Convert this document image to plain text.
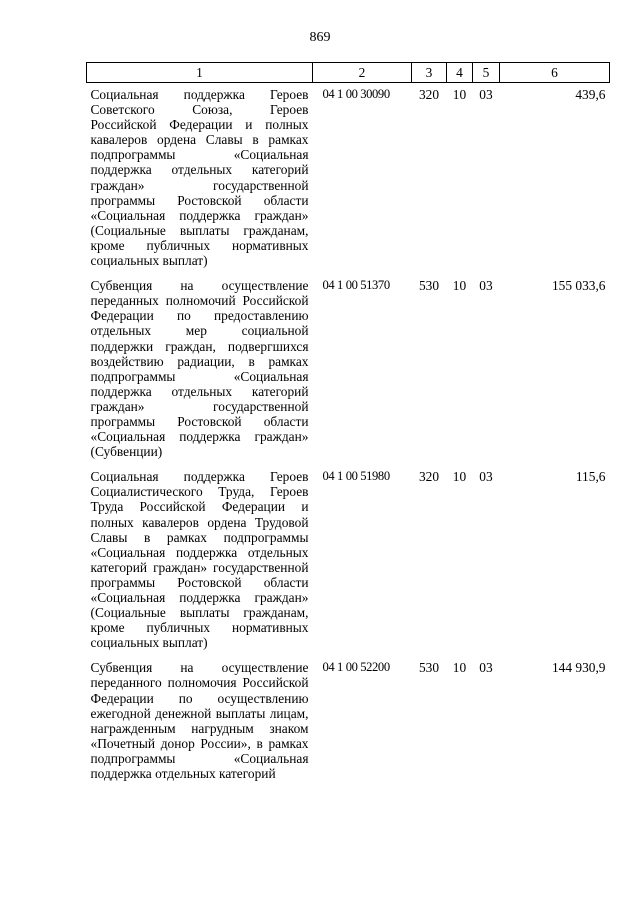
869
1	2	3	4	5	6
Социальная поддержка Героев Советского Союза, Героев Российской Федерации и полных кавалеров ордена Славы в рамках подпрограммы «Социальная поддержка отдельных категорий граждан» государственной программы Ростовской области «Социальная поддержка граждан» (Социальные выплаты гражданам, кроме публичных нормативных социальных выплат)	04 1 00 30090	320	10	03	439,6
Субвенция на осуществление переданных полномочий Российской Федерации по предоставлению отдельных мер социальной поддержки граждан, подвергшихся воздействию радиации, в рамках подпрограммы «Социальная поддержка отдельных категорий граждан» государственной программы Ростовской области «Социальная поддержка граждан» (Субвенции)	04 1 00 51370	530	10	03	155 033,6
Социальная поддержка Героев Социалистического Труда, Героев Труда Российской Федерации и полных кавалеров ордена Трудовой Славы в рамках подпрограммы «Социальная поддержка отдельных категорий граждан» государственной программы Ростовской области «Социальная поддержка граждан» (Социальные выплаты гражданам, кроме публичных нормативных социальных выплат)	04 1 00 51980	320	10	03	115,6
Субвенция на осуществление переданного полномочия Российской Федерации по осуществлению ежегодной денежной выплаты лицам, награжденным нагрудным знаком «Почетный донор России», в рамках подпрограммы «Социальная поддержка отдельных категорий	04 1 00 52200	530	10	03	144 930,9
